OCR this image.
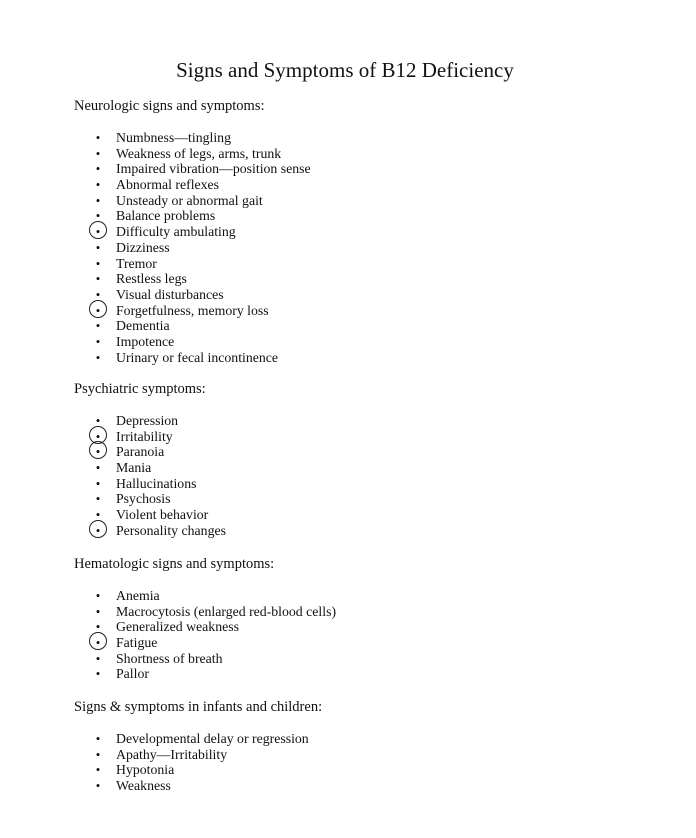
Signs and Symptoms of B12 Deficiency
Neurologic signs and symptoms:
• Numbness—tingling
• Weakness of legs, arms, trunk
• Impaired vibration—position sense
• Abnormal reflexes
• Unsteady or abnormal gait
• Balance problems
• Difficulty ambulating
• Dizziness
• Tremor
• Restless legs
• Visual disturbances
• Forgetfulness, memory loss
• Dementia
• Impotence
• Urinary or fecal incontinence
Psychiatric symptoms:
• Depression
• Irritability
• Paranoia
• Mania
• Hallucinations
• Psychosis
• Violent behavior
• Personality changes
Hematologic signs and symptoms:
• Anemia
• Macrocytosis (enlarged red-blood cells)
• Generalized weakness
• Fatigue
• Shortness of breath
• Pallor
Signs & symptoms in infants and children:
• Developmental delay or regression
• Apathy—Irritability
• Hypotonia
• Weakness
